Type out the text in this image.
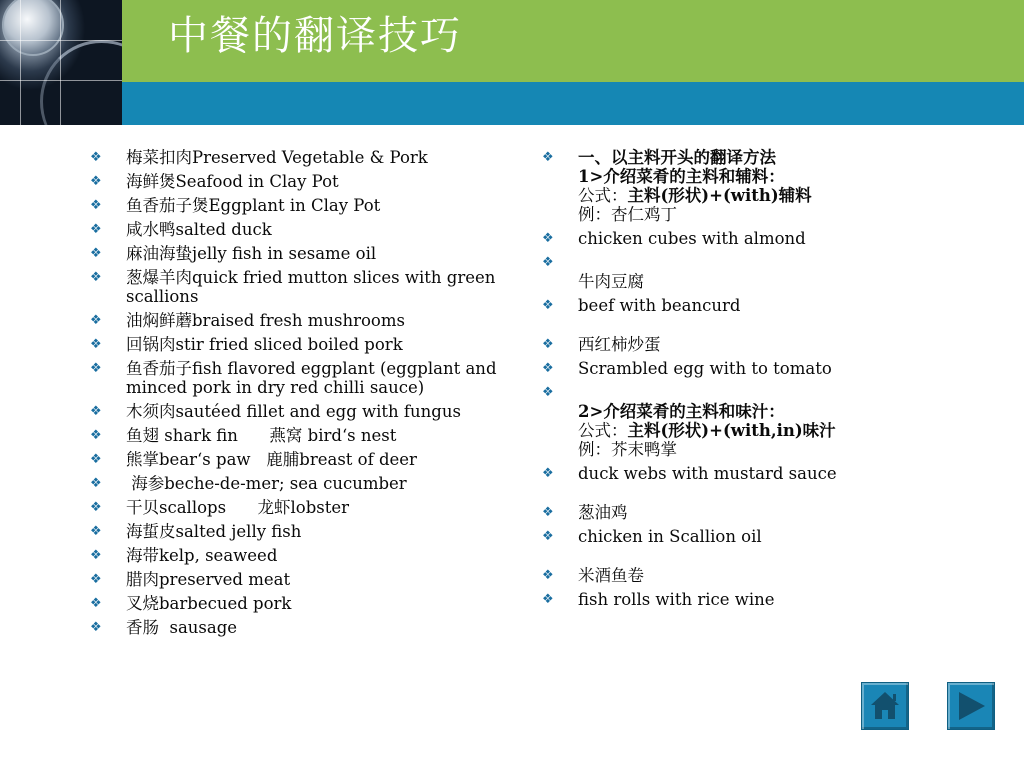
中餐的翻译技巧
❖ 梅菜扣肉Preserved Vegetable & Pork
❖ 海鲜煲Seafood in Clay Pot
❖ 鱼香茄子煲Eggplant in Clay Pot
❖ 咸水鸭salted duck
❖ 麻油海蛰jelly fish in sesame oil
❖ 葱爆羊肉quick fried mutton slices with green scallions
❖ 油焖鲜蘑braised fresh mushrooms
❖ 回锅肉stir fried sliced boiled pork
❖ 鱼香茄子fish flavored eggplant (eggplant and minced pork in dry red chilli sauce)
❖ 木须肉sautéed fillet and egg with fungus
❖ 鱼翅 shark fin      燕窝 bird‘s nest
❖ 熊掌bear‘s paw   鹿脯breast of deer
❖ 海参beche-de-mer; sea cucumber
❖ 干贝scallops      龙虾lobster
❖ 海蜇皮salted jelly fish
❖ 海带kelp, seaweed
❖ 腊肉preserved meat
❖ 叉烧barbecued pork
❖ 香肠  sausage
❖ 一、以主料开头的翻译方法
1>介绍菜肴的主料和辅料：
公式：主料(形状)+(with)辅料
例：杏仁鸡丁
❖ chicken cubes with almond
❖

牛肉豆腐
❖ beef with beancurd
❖ 西红柿炒蛋
❖ Scrambled egg with to tomato
❖

2>介绍菜肴的主料和味汁：
公式：主料(形状)+(with,in)味汁
例：芥末鸭掌
❖ duck webs with mustard sauce
❖ 葱油鸡
❖ chicken in Scallion oil
❖ 米酒鱼卷
❖ fish rolls with rice wine
